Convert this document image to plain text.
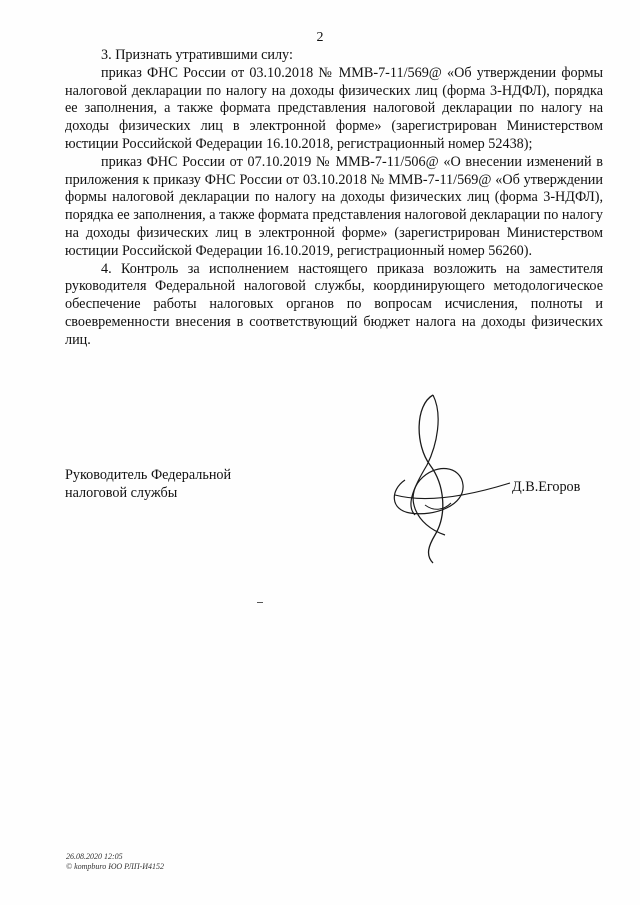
2

3. Признать утратившими силу:

приказ ФНС России от 03.10.2018 № ММВ-7-11/569@ «Об утверждении формы налоговой декларации по налогу на доходы физических лиц (форма 3-НДФЛ), порядка ее заполнения, а также формата представления налоговой декларации по налогу на доходы физических лиц в электронной форме» (зарегистрирован Министерством юстиции Российской Федерации 16.10.2018, регистрационный номер 52438);

приказ ФНС России от 07.10.2019 № ММВ-7-11/506@ «О внесении изменений в приложения к приказу ФНС России от 03.10.2018 № ММВ-7-11/569@ «Об утверждении формы налоговой декларации по налогу на доходы физических лиц (форма 3-НДФЛ), порядка ее заполнения, а также формата представления налоговой декларации по налогу на доходы физических лиц в электронной форме» (зарегистрирован Министерством юстиции Российской Федерации 16.10.2019, регистрационный номер 56260).

4. Контроль за исполнением настоящего приказа возложить на заместителя руководителя Федеральной налоговой службы, координирующего методологическое обеспечение работы налоговых органов по вопросам исчисления, полноты и своевременности внесения в соответствующий бюджет налога на доходы физических лиц.

Руководитель Федеральной
налоговой службы	Д.В.Егоров
26.08.2020 12:05
© kompburo ЮО РЛП-И4152
